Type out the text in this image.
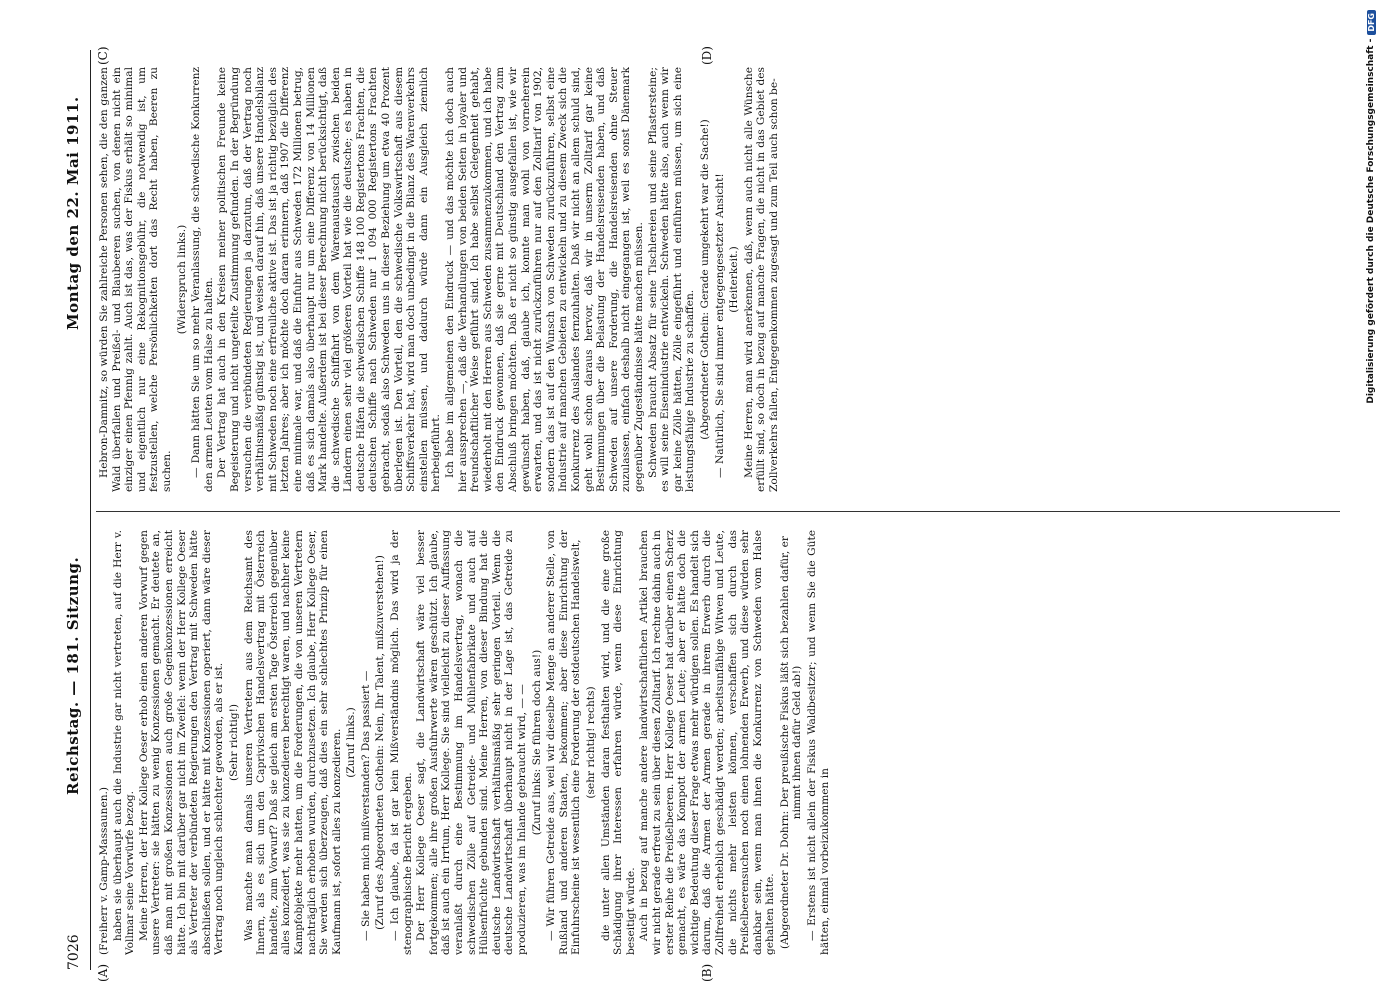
7026
Reichstag. — 181. Sitzung.
Montag den 22. Mai 1911.
(A)	(B)
(C)	(D)

(Freiherr v. Gamp-Massaunen.) haben sie überhaupt auch die Industrie gar nicht vertreten, auf die Herr v. Vollmar seine Vorwürfe bezog. Meine Herren, der Herr Kollege Oeser erhob einen anderen Vorwurf gegen unsere Vertreter: sie hätten zu wenig Konzessionen gemacht. Er deutete an, daß man mit großen Konzessionen auch große Gegenkonzessionen erreicht hätte. Ich bin mit darüber gar nicht im Zweifel: wenn der Herr Kollege Oeser als Vertreter der verbündeten Regierungen den Vertrag mit Schweden hätte abschließen sollen, und er hätte mit Konzessionen operiert, dann wäre dieser Vertrag noch ungleich schlechter geworden, als er ist. (Sehr richtig!) Was machte man damals unseren Vertretern aus dem Reichsamt des Innern, als es sich um den Caprivischen Handelsvertrag mit Österreich handelte, zum Vorwurf? Daß sie gleich am ersten Tage Österreich gegenüber alles konzediert, was sie zu konzedieren berechtigt waren, und nachher keine Kampfobjekte mehr hatten, um die Forderungen, die von unseren Vertretern nachträglich erhoben wurden, durchzusetzen. Ich glaube, Herr Kollege Oeser, Sie werden sich überzeugen, daß dies ein sehr schlechtes Prinzip für einen Kaufmann ist, sofort alles zu konzedieren. (Zuruf links.) — Sie haben mich mißverstanden? Das passiert — (Zuruf des Abgeordneten Gothein: Nein, Ihr Talent, mißzuverstehen!) — Ich glaube, da ist gar kein Mißverständnis möglich. Das wird ja der stenographische Bericht ergeben. Der Herr Kollege Oeser sagt, die Landwirtschaft wäre viel besser fortgekommen; alle ihre großen Ausfuhrwerte wären geschützt. Ich glaube, daß ist auch ein Irrtum, Herr Kollege. Sie sind vielleicht zu dieser Auffassung veranlaßt durch eine Bestimmung im Handelsvertrag, wonach die schwedischen Zölle auf Getreide- und Mühlenfabrikate und auch auf Hülsenfrüchte gebunden sind. Meine Herren, von dieser Bindung hat die deutsche Landwirtschaft verhältnismäßig sehr geringen Vorteil. Wenn die deutsche Landwirtschaft überhaupt nicht in der Lage ist, das Getreide zu produzieren, was im Inlande gebraucht wird, — — (Zuruf links: Sie führen doch aus!) — Wir führen Getreide aus, weil wir dieselbe Menge an anderer Stelle, von Rußland und anderen Staaten, bekommen; aber diese Einrichtung der Einfuhrscheine ist wesentlich eine Forderung der ostdeutschen Handelswelt, (sehr richtig! rechts) die unter allen Umständen daran festhalten wird, und die eine große Schädigung ihrer Interessen erfahren würde, wenn diese Einrichtung beseitigt würde. Auch in bezug auf manche andere landwirtschaftlichen Artikel brauchen wir nicht gerade erfreut zu sein über diesen Zolltarif. Ich rechne dahin auch in erster Reihe die Preißelbeeren. Herr Kollege Oeser hat darüber einen Scherz gemacht, es wäre das Kompott der armen Leute; aber er hätte doch die wichtige Bedeutung dieser Frage etwas mehr würdigen sollen. Es handelt sich darum, daß die Armen der Armen gerade in ihrem Erwerb durch die Zollfreiheit erheblich geschädigt werden; arbeitsunfähige Witwen und Leute, die nichts mehr leisten können, verschaffen sich durch das Preißelbeerensuchen noch einen lohnenden Erwerb, und diese würden sehr dankbar sein, wenn man ihnen die Konkurrenz von Schweden vom Halse gehalten hätte. (Abgeordneter Dr. Dohrn: Der preußische Fiskus läßt sich bezahlen dafür, er nimmt ihnen dafür Geld ab!) — Erstens ist nicht allein der Fiskus Waldbesitzer; und wenn Sie die Güte hätten, einmal vorbeizukommen in

Hebron-Damnitz, so würden Sie zahlreiche Personen sehen, die den ganzen Wald überfallen und Preißel- und Blaubeeren suchen, von denen nicht ein einziger einen Pfennig zahlt. Auch ist das, was der Fiskus erhält so minimal und eigentlich nur eine Rekognitionsgebühr, die notwendig ist, um festzustellen, welche Persönlichkeiten dort das Recht haben, Beeren zu suchen.

(Widerspruch links.) — Dann hätten Sie um so mehr Veranlassung, die schwedische Konkurrenz den armen Leuten vom Halse zu halten. Der Vertrag hat auch in den Kreisen meiner politischen Freunde keine Begeisterung und nicht ungeteilte Zustimmung gefunden. In der Begründung versuchen die verbündeten Regierungen ja darzutun, daß der Vertrag noch verhältnismäßig günstig ist, und weisen darauf hin, daß unsere Handelsbilanz mit Schweden noch eine erfreuliche aktive ist. Das ist ja richtig bezüglich des letzten Jahres; aber ich möchte doch daran erinnern, daß 1907 die Differenz eine minimale war, und daß die Einfuhr aus Schweden 172 Millionen betrug, daß es sich damals also überhaupt nur um eine Differenz von 14 Millionen Mark handelte. Außerdem ist bei dieser Berechnung nicht berücksichtigt, daß die schwedische Schiffahrt von dem Warenaustausch zwischen beiden Ländern einen sehr viel größeren Vorteil hat wie die deutsche; es haben in deutsche Häfen die schwedischen Schiffe 148 100 Registertons Frachten, die deutschen Schiffe nach Schweden nur 1 094 000 Registertons Frachten gebracht, sodaß also Schweden uns in dieser Beziehung um etwa 40 Prozent überlegen ist. Den Vorteil, den die schwedische Volkswirtschaft aus diesem Schiffsverkehr hat, wird man doch unbedingt in die Bilanz des Warenverkehrs einstellen müssen, und dadurch würde dann ein Ausgleich ziemlich herbeigeführt. Ich habe im allgemeinen den Eindruck — und das möchte ich doch auch hier aussprechen —, daß die Verhandlungen von beiden Seiten in loyaler und freundschaftlicher Weise geführt sind. Ich habe selbst Gelegenheit gehabt, wiederholt mit den Herren aus Schweden zusammenzukommen, und ich habe den Eindruck gewonnen, daß sie gerne mit Deutschland den Vertrag zum Abschluß bringen möchten. Daß er nicht so günstig ausgefallen ist, wie wir gewünscht haben, daß, glaube ich, konnte man wohl von vorneherein erwarten, und das ist nicht zurückzuführen nur auf den Zolltarif von 1902, sondern das ist auf den Wunsch von Schweden zurückzuführen, selbst eine Industrie auf manchen Gebieten zu entwickeln und zu diesem Zweck sich die Konkurrenz des Auslandes fernzuhalten. Daß wir nicht an allem schuld sind, geht wohl schon daraus hervor, daß wir in unserm Zolltarif gar keine Bestimmungen über die Belastung der Handelsreisenden haben, und daß Schweden auf unsere Forderung, die Handelsreisenden ohne Steuer zuzulassen, einfach deshalb nicht eingegangen ist, weil es sonst Dänemark gegenüber Zugeständnisse hätte machen müssen. Schweden braucht Absatz für seine Tischlereien und seine Pflastersteine; es will seine Eisenindustrie entwickeln. Schweden hätte also, auch wenn wir gar keine Zölle hätten, Zölle eingeführt und einführen müssen, um sich eine leistungsfähige Industrie zu schaffen. (Abgeordneter Gothein: Gerade umgekehrt war die Sache!) — Natürlich, Sie sind immer entgegengesetzter Ansicht! (Heiterkeit.) Meine Herren, man wird anerkennen, daß, wenn auch nicht alle Wünsche erfüllt sind, so doch in bezug auf manche Fragen, die nicht in das Gebiet des Zollverkehrs fallen, Entgegenkommen zugesagt und zum Teil auch schon be-	Digitalisierung gefördert durch die Deutsche Forschungsgemeinschaft -
DFG
